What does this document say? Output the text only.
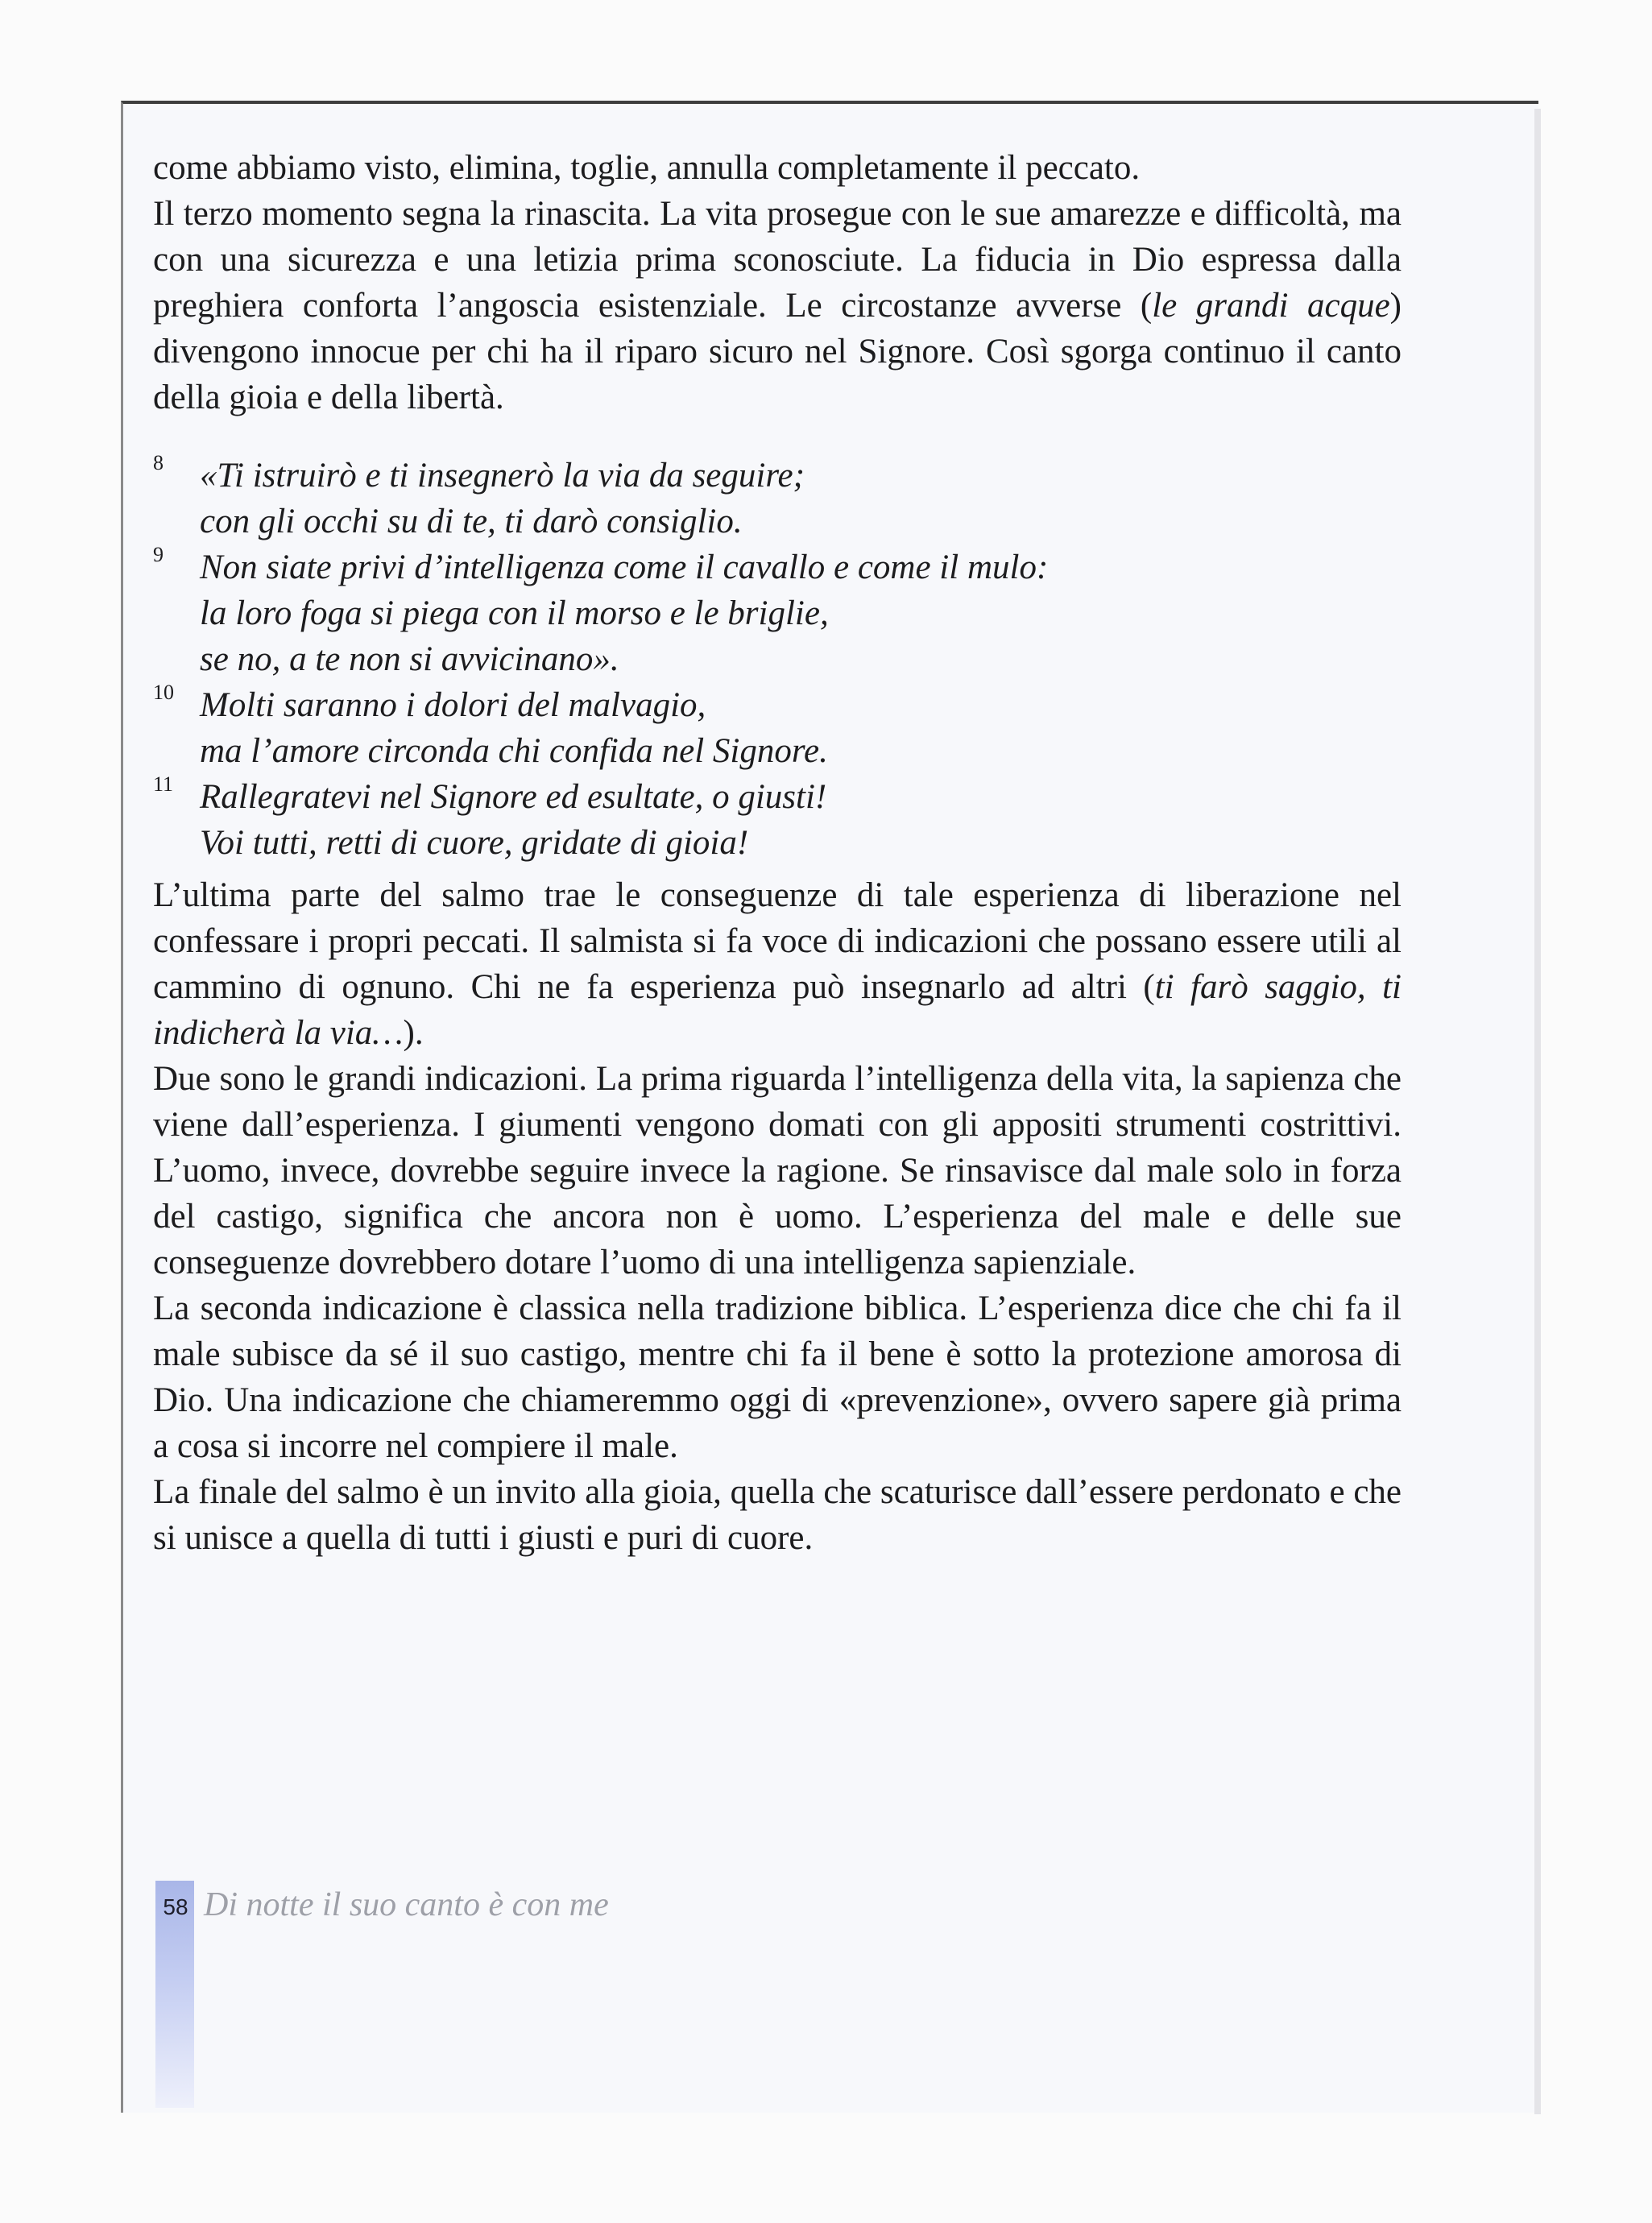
come abbiamo visto, elimina, toglie, annulla completamente il peccato.

Il terzo momento segna la rinascita. La vita prosegue con le sue amarezze e difficoltà, ma con una sicurezza e una letizia prima sconosciute. La fiducia in Dio espressa dalla preghiera conforta l’angoscia esistenziale. Le circostanze avverse (le grandi acque) divengono innocue per chi ha il riparo sicuro nel Signore. Così sgorga continuo il canto della gioia e della libertà.

8 «Ti istruirò e ti insegnerò la via da seguire;
con gli occhi su di te, ti darò consiglio.
9 Non siate privi d’intelligenza come il cavallo e come il mulo:
la loro foga si piega con il morso e le briglie,
se no, a te non si avvicinano».
10 Molti saranno i dolori del malvagio,
ma l’amore circonda chi confida nel Signore.
11 Rallegratevi nel Signore ed esultate, o giusti!
Voi tutti, retti di cuore, gridate di gioia!

L’ultima parte del salmo trae le conseguenze di tale esperienza di liberazione nel confessare i propri peccati. Il salmista si fa voce di indicazioni che possano essere utili al cammino di ognuno. Chi ne fa esperienza può insegnarlo ad altri (ti farò saggio, ti indicherà la via…).

Due sono le grandi indicazioni. La prima riguarda l’intelligenza della vita, la sapienza che viene dall’esperienza. I giumenti vengono domati con gli appositi strumenti costrittivi. L’uomo, invece, dovrebbe seguire invece la ragione. Se rinsavisce dal male solo in forza del castigo, significa che ancora non è uomo. L’esperienza del male e delle sue conseguenze dovrebbero dotare l’uomo di una intelligenza sapienziale.

La seconda indicazione è classica nella tradizione biblica. L’esperienza dice che chi fa il male subisce da sé il suo castigo, mentre chi fa il bene è sotto la protezione amorosa di Dio. Una indicazione che chiameremmo oggi di «prevenzione», ovvero sapere già prima a cosa si incorre nel compiere il male.

La finale del salmo è un invito alla gioia, quella che scaturisce dall’essere perdonato e che si unisce a quella di tutti i giusti e puri di cuore.

58 Di notte il suo canto è con me
